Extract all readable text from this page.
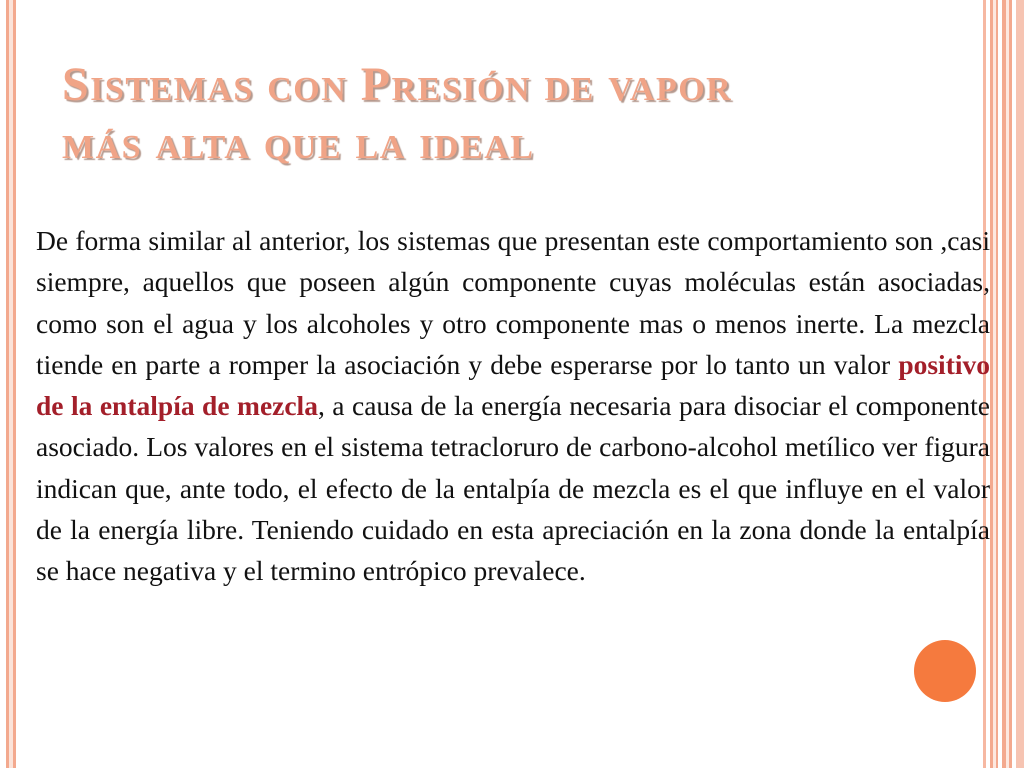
Sistemas con Presión de vapor
más alta que la ideal

De forma similar al anterior, los sistemas que presentan este comportamiento son ,casi siempre, aquellos que poseen algún componente cuyas moléculas están asociadas, como son el agua y los alcoholes y otro componente mas o menos inerte. La mezcla tiende en parte a romper la asociación y debe esperarse por lo tanto un valor positivo de la entalpía de mezcla, a causa de la energía necesaria para disociar el componente asociado. Los valores en el sistema tetracloruro de carbono-alcohol metílico ver figura indican que, ante todo, el efecto de la entalpía de mezcla es el que influye en el valor de la energía libre. Teniendo cuidado en esta apreciación en la zona donde la entalpía se hace negativa y el termino entrópico prevalece.
